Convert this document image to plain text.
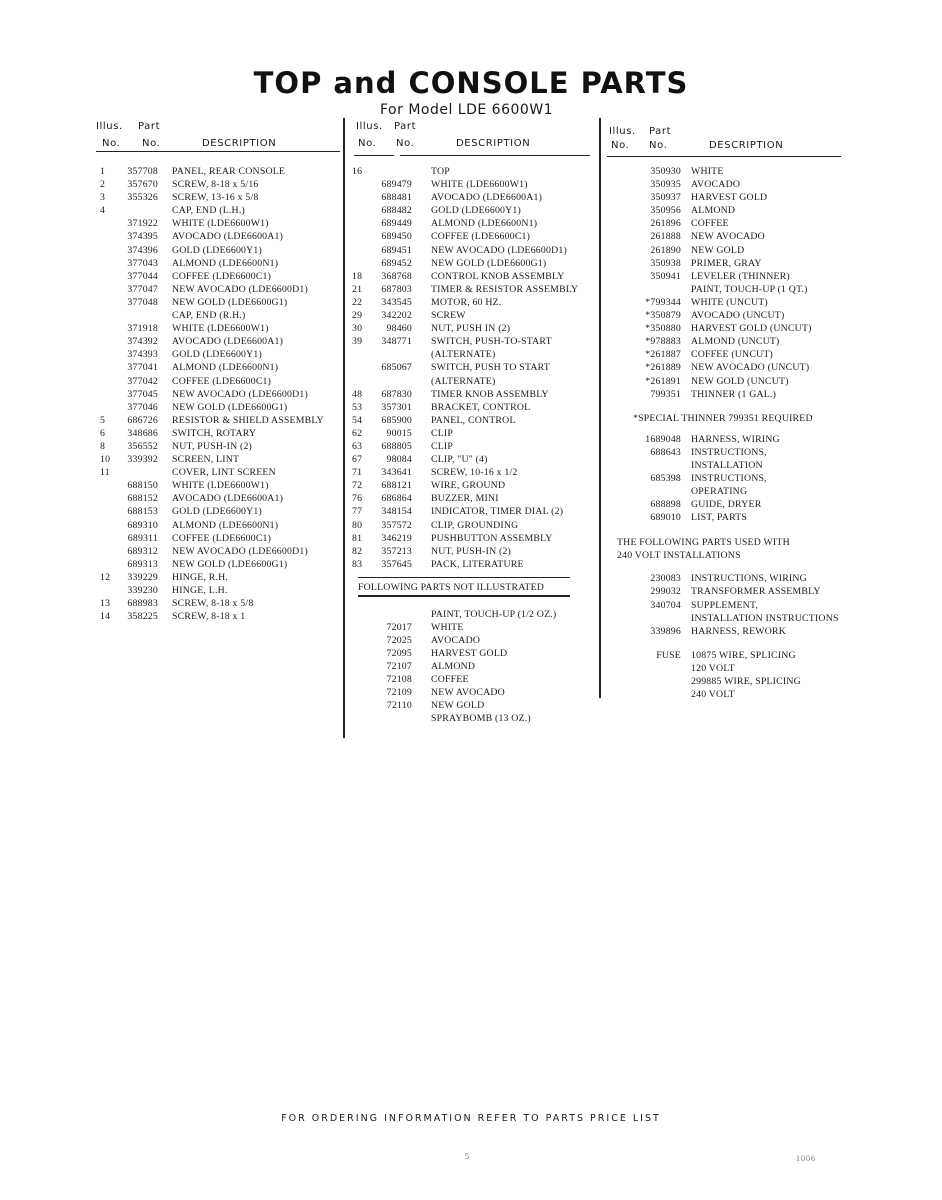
TOP and CONSOLE PARTS
For Model LDE 6600W1
Illus. Part
No. No.	DESCRIPTION
1 357708 PANEL, REAR CONSOLE
2 357670 SCREW, 8-18 x 5/16
3 355326 SCREW, 13-16 x 5/8
4	CAP, END (L.H.)
371922 WHITE (LDE6600W1)
374395 AVOCADO (LDE6600A1)
374396 GOLD (LDE6600Y1)
377043 ALMOND (LDE6600N1)
377044 COFFEE (LDE6600C1)
377047 NEW AVOCADO (LDE6600D1)
377048 NEW GOLD (LDE6600G1)
CAP, END (R.H.)
371918 WHITE (LDE6600W1)
374392 AVOCADO (LDE6600A1)
374393 GOLD (LDE6600Y1)
377041 ALMOND (LDE6600N1)
377042 COFFEE (LDE6600C1)
377045 NEW AVOCADO (LDE6600D1)
377046 NEW GOLD (LDE6600G1)
5 686726 RESISTOR & SHIELD ASSEMBLY
6 348686 SWITCH, ROTARY
8 356552 NUT, PUSH-IN (2)
10 339392 SCREEN, LINT
11	COVER, LINT SCREEN
688150 WHITE (LDE6600W1)
688152 AVOCADO (LDE6600A1)
688153 GOLD (LDE6600Y1)
689310 ALMOND (LDE6600N1)
689311 COFFEE (LDE6600C1)
689312 NEW AVOCADO (LDE6600D1)
689313 NEW GOLD (LDE6600G1)
12 339229 HINGE, R.H.
339230 HINGE, L.H.
13 688983 SCREW, 8-18 x 5/8
14 358225 SCREW, 8-18 x 1
Illus. Part
No. No.	DESCRIPTION
16	TOP
689479 WHITE (LDE6600W1)
688481 AVOCADO (LDE6600A1)
688482 GOLD (LDE6600Y1)
689449 ALMOND (LDE6600N1)
689450 COFFEE (LDE6600C1)
689451 NEW AVOCADO (LDE6600D1)
689452 NEW GOLD (LDE6600G1)
18 368768 CONTROL KNOB ASSEMBLY
21 687803 TIMER & RESISTOR ASSEMBLY
22 343545 MOTOR, 60 HZ.
29 342202 SCREW
30 98460 NUT, PUSH IN (2)
39 348771 SWITCH, PUSH-TO-START
(ALTERNATE)
685067 SWITCH, PUSH TO START
(ALTERNATE)
48 687830 TIMER KNOB ASSEMBLY
53 357301 BRACKET, CONTROL
54 685900 PANEL, CONTROL
62 90015 CLIP
63 688805 CLIP
67 98084 CLIP, "U" (4)
71 343641 SCREW, 10-16 x 1/2
72 688121 WIRE, GROUND
76 686864 BUZZER, MINI
77 348154 INDICATOR, TIMER DIAL (2)
80 357572 CLIP, GROUNDING
81 346219 PUSHBUTTON ASSEMBLY
82 357213 NUT, PUSH-IN (2)
83 357645 PACK, LITERATURE
FOLLOWING PARTS NOT ILLUSTRATED
PAINT, TOUCH-UP (1/2 OZ.)
72017 WHITE
72025 AVOCADO
72095 HARVEST GOLD
72107 ALMOND
72108 COFFEE
72109 NEW AVOCADO
72110 NEW GOLD
SPRAYBOMB (13 OZ.)
Illus. Part
No. No.	DESCRIPTION
350930 WHITE
350935 AVOCADO
350937 HARVEST GOLD
350956 ALMOND
261896 COFFEE
261888 NEW AVOCADO
261890 NEW GOLD
350938 PRIMER, GRAY
350941 LEVELER (THINNER)
PAINT, TOUCH-UP (1 QT.)
*799344 WHITE (UNCUT)
*350879 AVOCADO (UNCUT)
*350880 HARVEST GOLD (UNCUT)
*978883 ALMOND (UNCUT)
*261887 COFFEE (UNCUT)
*261889 NEW AVOCADO (UNCUT)
*261891 NEW GOLD (UNCUT)
799351 THINNER (1 GAL.)
*SPECIAL THINNER 799351 REQUIRED
1689048 HARNESS, WIRING
688643 INSTRUCTIONS,
INSTALLATION
685398 INSTRUCTIONS,
OPERATING
688898 GUIDE, DRYER
689010 LIST, PARTS
THE FOLLOWING PARTS USED WITH
240 VOLT INSTALLATIONS
230083 INSTRUCTIONS, WIRING
299032 TRANSFORMER ASSEMBLY
340704 SUPPLEMENT,
INSTALLATION INSTRUCTIONS
339896 HARNESS, REWORK
FUSE 10875 WIRE, SPLICING
120 VOLT
299885 WIRE, SPLICING
240 VOLT
FOR ORDERING INFORMATION REFER TO PARTS PRICE LIST
5	1006
